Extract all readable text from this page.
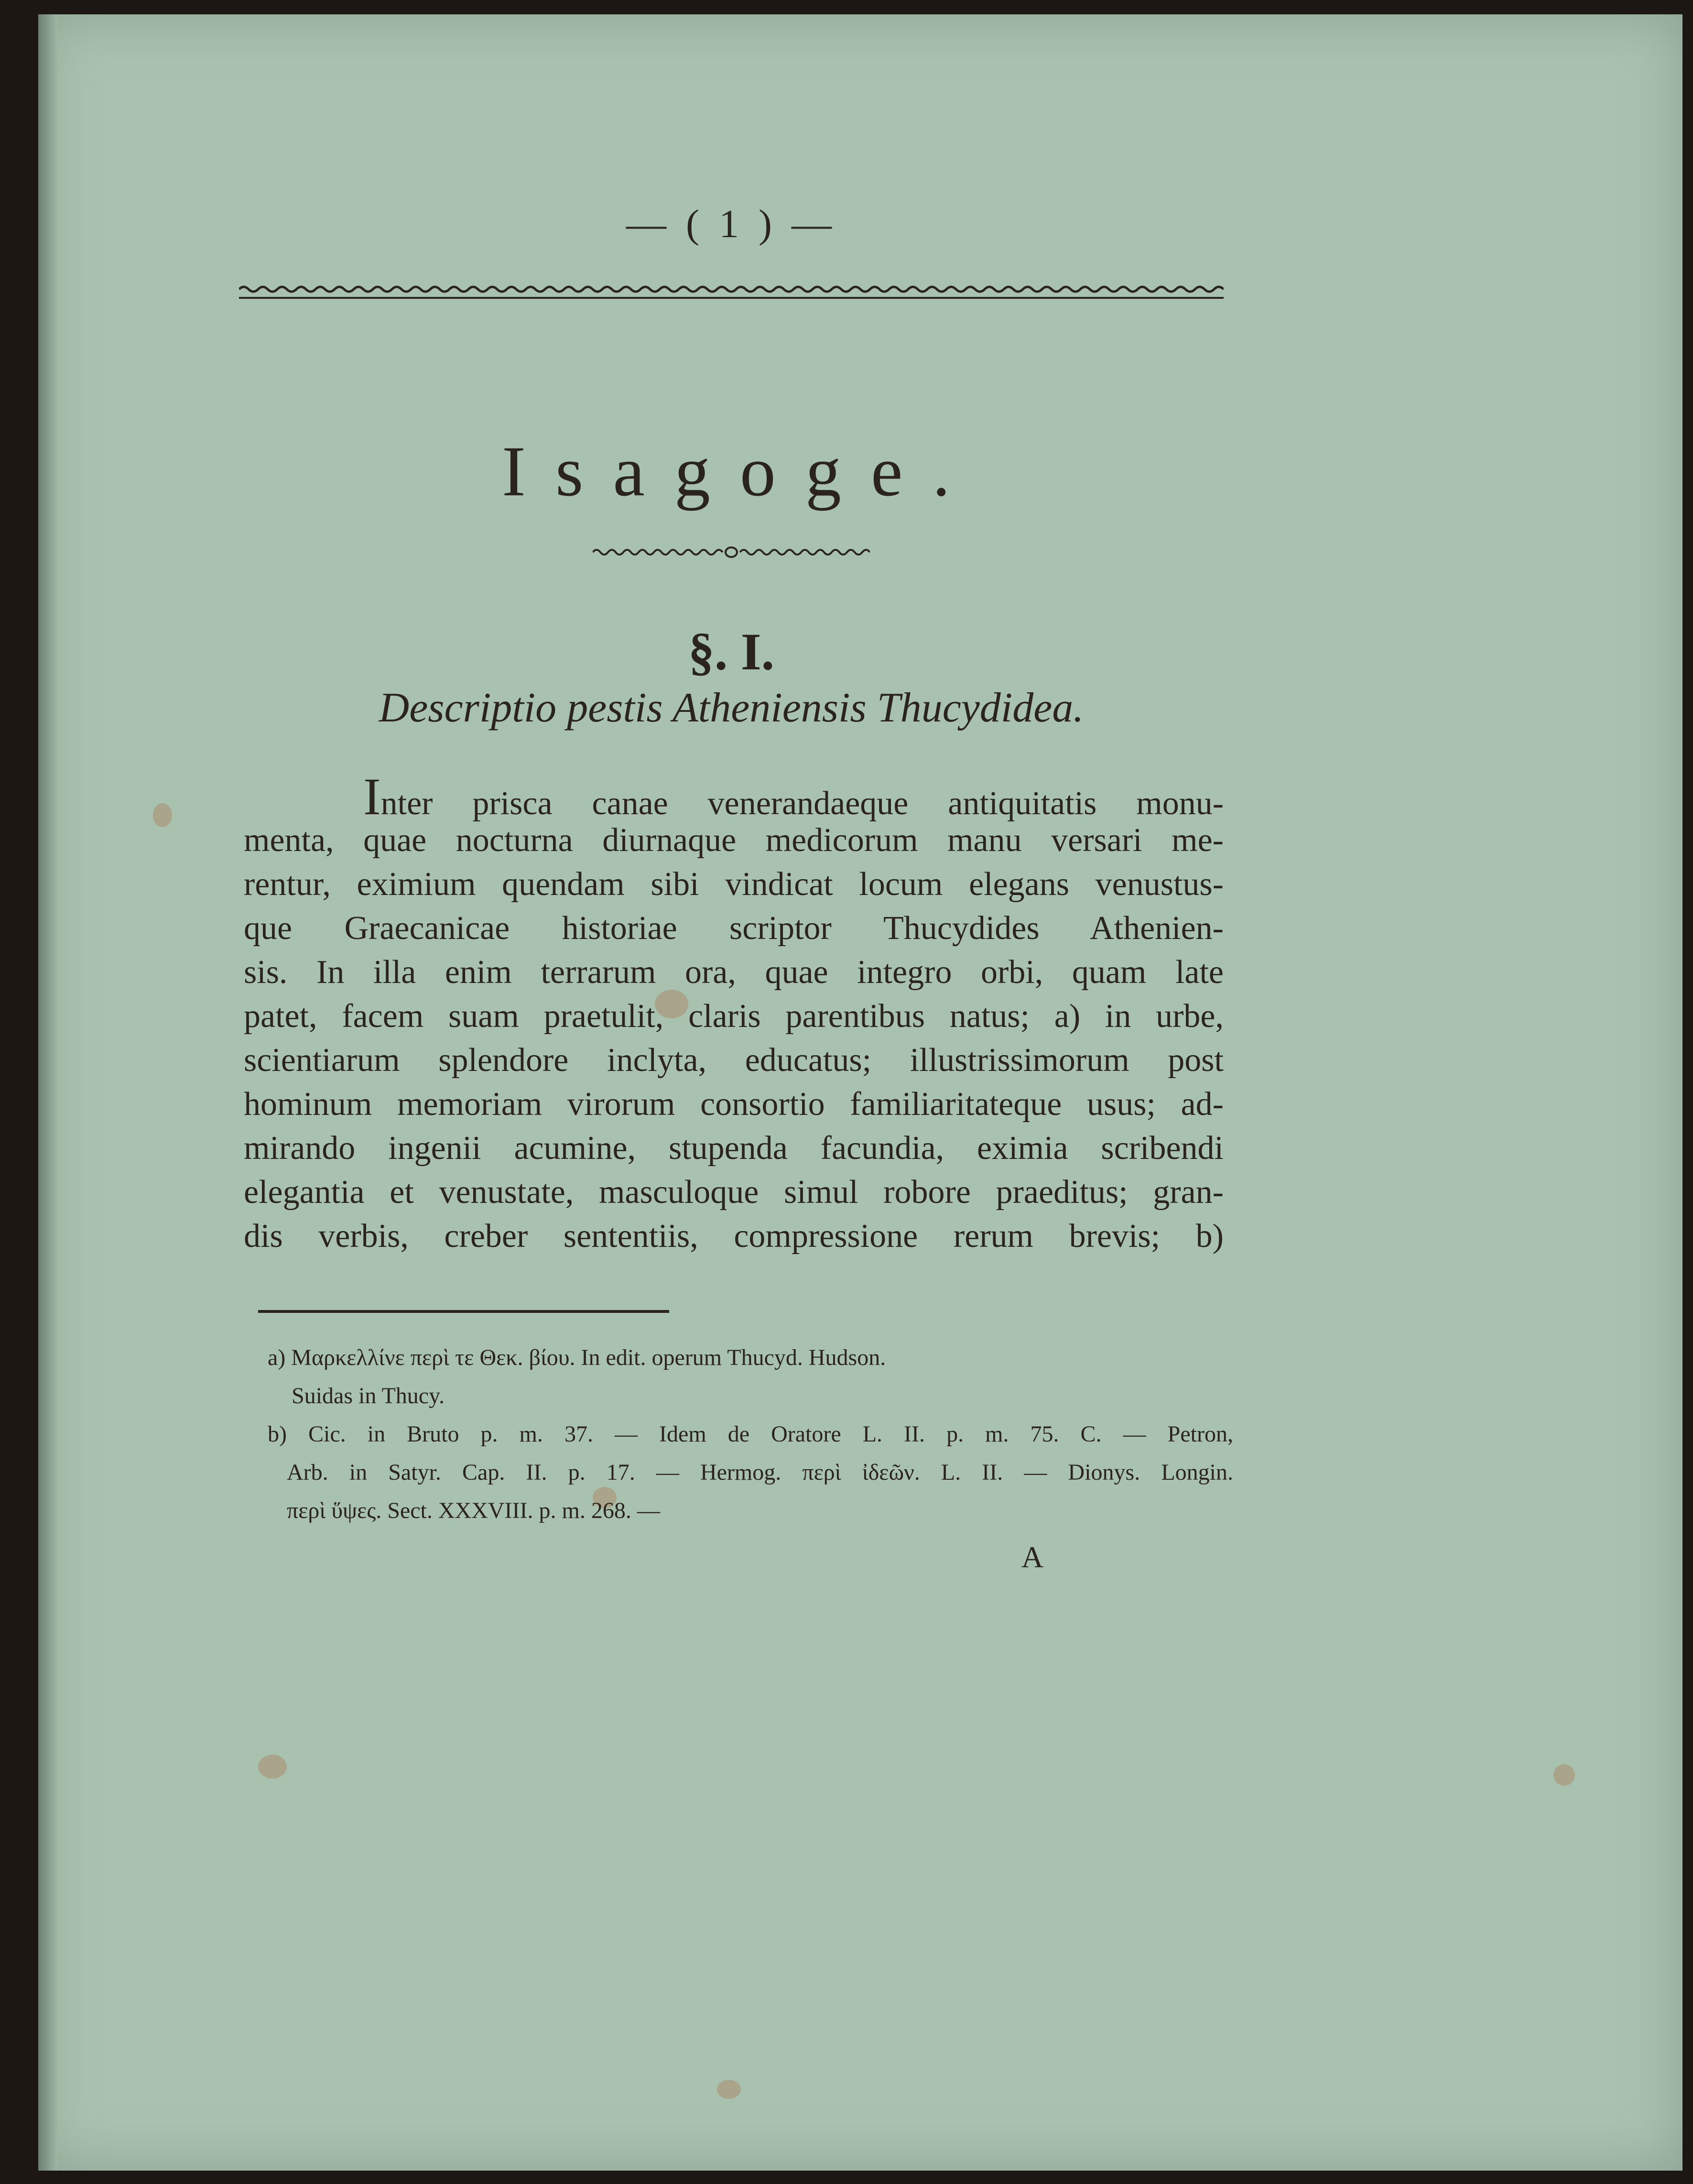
— ( 1 ) —
Isagoge.
§. I.
Descriptio pestis Atheniensis Thucydidea.
Inter prisca canae venerandaeque antiquitatis monu-
menta, quae nocturna diurnaque medicorum manu versari me-
rentur, eximium quendam sibi vindicat locum elegans venustus-
que Graecanicae historiae scriptor Thucydides Athenien-
sis. In illa enim terrarum ora, quae integro orbi, quam late
patet, facem suam praetulit, claris parentibus natus; a) in urbe,
scientiarum splendore inclyta, educatus; illustrissimorum post
hominum memoriam virorum consortio familiaritateque usus; ad-
mirando ingenii acumine, stupenda facundia, eximia scribendi
elegantia et venustate, masculoque simul robore praeditus; gran-
dis verbis, creber sententiis, compressione rerum brevis; b)
a) Μαρκελλίνε περὶ τε Θεκ. βίου. In edit. operum Thucyd. Hudson.
Suidas in Thucy.
b) Cic. in Bruto p. m. 37. — Idem de Oratore L. II. p. m. 75. C. — Petron,
Arb. in Satyr. Cap. II. p. 17. — Hermog. περὶ ἰδεῶν. L. II. — Dionys. Longin.
περὶ ὕψες. Sect. XXXVIII. p. m. 268. —
A
